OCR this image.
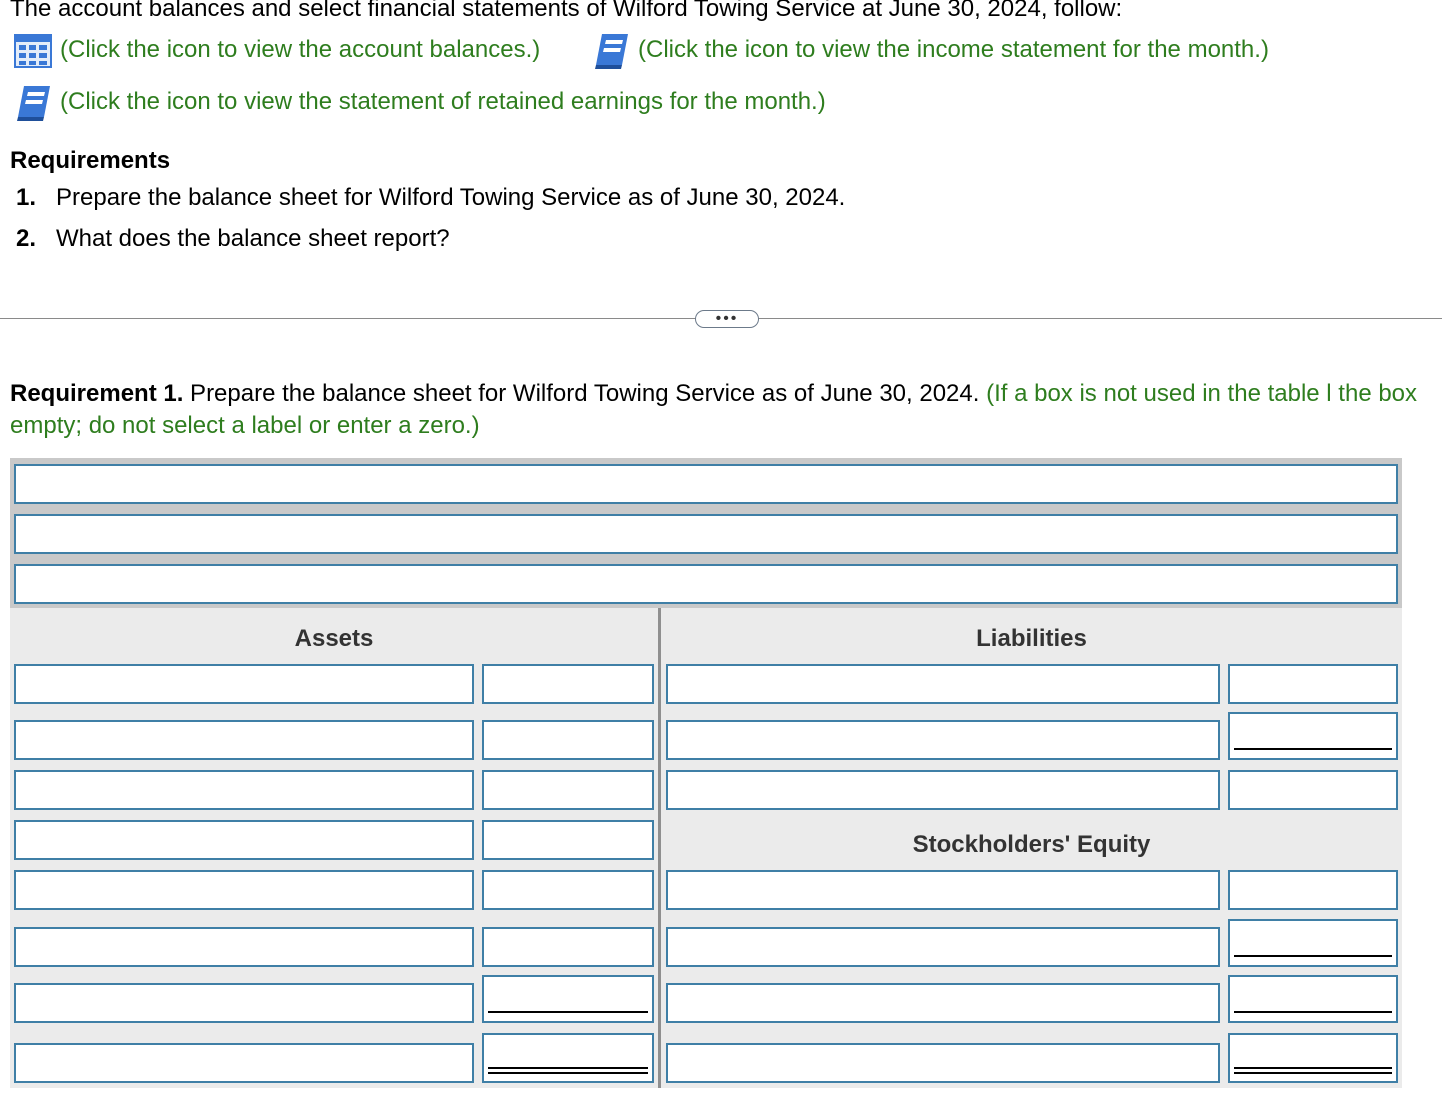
The account balances and select financial statements of Wilford Towing Service at June 30, 2024, follow:
(Click the icon to view the account balances.)	(Click the icon to view the income statement for the month.)
(Click the icon to view the statement of retained earnings for the month.)
Requirements
1. Prepare the balance sheet for Wilford Towing Service as of June 30, 2024.
2. What does the balance sheet report?
•••
Requirement 1. Prepare the balance sheet for Wilford Towing Service as of June 30, 2024. (If a box is not used in the table l the box empty; do not select a label or enter a zero.)
Assets	Liabilities
Stockholders' Equity
